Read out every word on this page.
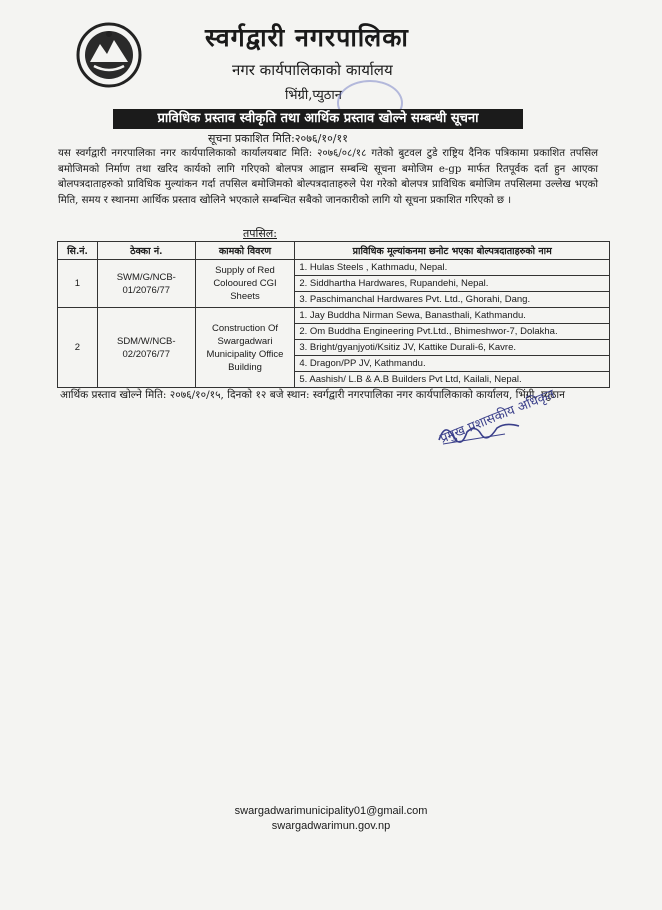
स्वर्गद्वारी नगरपालिका
नगर कार्यपालिकाको कार्यालय
भिंग्री,प्युठान
प्राविधिक प्रस्ताव स्वीकृति तथा आर्थिक प्रस्ताव खोल्ने सम्बन्धी सूचना
सूचना प्रकाशित मिति:२०७६/१०/११
यस स्वर्गद्वारी नगरपालिका नगर कार्यपालिकाको कार्यालयबाट मिति: २०७६/०८/१८ गतेको बुटवल टुडे राष्ट्रिय दैनिक पत्रिकामा प्रकाशित तपसिल बमोजिमको निर्माण तथा खरिद कार्यको लागि गरिएको बोलपत्र आह्वान सम्बन्धि सूचना बमोजिम e-gp मार्फत रितपूर्वक दर्ता हुन आएका बोलपत्रदाताहरुको प्राविधिक मुल्यांकन गर्दा तपसिल बमोजिमको बोल्पत्रदाताहरुले पेश गरेको बोलपत्र प्राविधिक बमोजिम तपसिलमा उल्लेख भएको मिति, समय र स्थानमा आर्थिक प्रस्ताव खोलिने भएकाले सम्बन्धित सबैको जानकारीको लागि यो सूचना प्रकाशित गरिएको छ ।
तपसिल:
सि.नं.	ठेक्का नं.	कामको विवरण	प्राविधिक मूल्यांकनमा छनोट भएका बोल्पत्रदाताहरुको नाम
1	SWM/G/NCB-01/2076/77	Supply of Red Colooured CGI Sheets	1. Hulas Steels , Kathmadu, Nepal.
			2. Siddhartha Hardwares, Rupandehi, Nepal.
			3. Paschimanchal Hardwares Pvt. Ltd., Ghorahi, Dang.
2	SDM/W/NCB-02/2076/77	Construction Of Swargadwari Municipality Office Building	1. Jay Buddha Nirman Sewa, Banasthali, Kathmandu.
			2. Om Buddha Engineering Pvt.Ltd., Bhimeshwor-7, Dolakha.
			3. Bright/gyanjyoti/Ksitiz JV, Kattike Durali-6, Kavre.
			4. Dragon/PP JV, Kathmandu.
			5. Aashish/ L.B & A.B Builders Pvt Ltd, Kailali, Nepal.
आर्थिक प्रस्ताव खोल्ने मिति: २०७६/१०/१५, दिनको १२ बजे स्थान: स्वर्गद्वारी नगरपालिका नगर कार्यपालिकाको कार्यालय, भिंग्री, प्युठान
प्रमुख प्रशासकीय अधिकृत
swargadwarimunicipality01@gmail.com
swargadwarimun.gov.np
